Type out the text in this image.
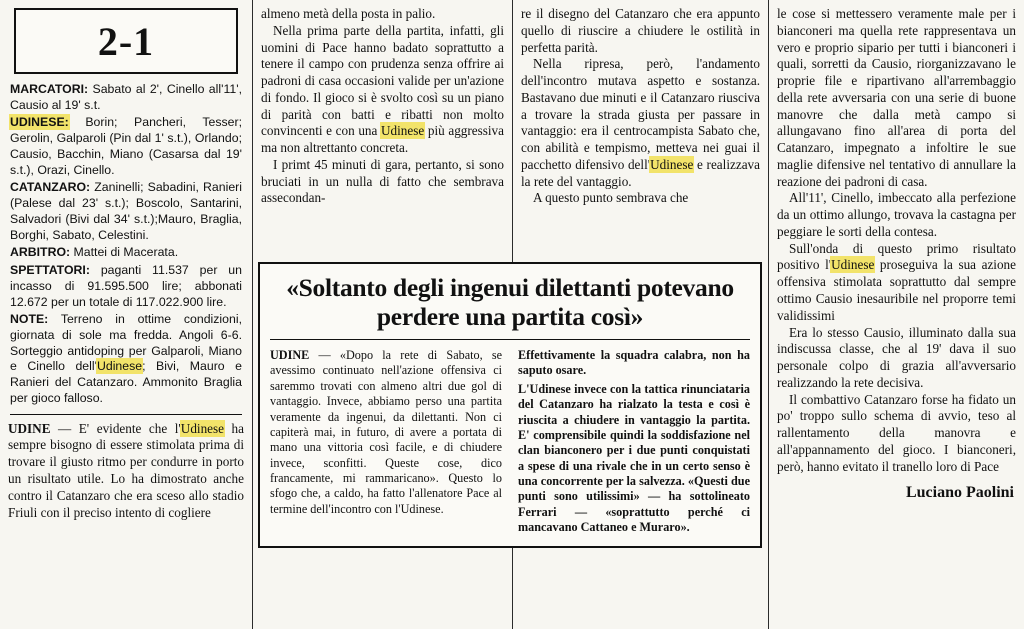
2-1

MARCATORI: Sabato al 2', Cinello all'11', Causio al 19' s.t.

UDINESE: Borin; Pancheri, Tesser; Gerolin, Galparoli (Pin dal 1' s.t.), Orlando; Causio, Bacchin, Miano (Casarsa dal 19' s.t.), Orazi, Cinello.

CATANZARO: Zaninelli; Sabadini, Ranieri (Palese dal 23' s.t.); Boscolo, Santarini, Salvadori (Bivi dal 34' s.t.);Mauro, Braglia, Borghi, Sabato, Celestini.

ARBITRO: Mattei di Macerata.

SPETTATORI: paganti 11.537 per un incasso di 91.595.500 lire; abbonati 12.672 per un totale di 117.022.900 lire.

NOTE: Terreno in ottime condizioni, giornata di sole ma fredda. Angoli 6-6. Sorteggio antidoping per Galparoli, Miano e Cinello dell'Udinese; Bivi, Mauro e Ranieri del Catanzaro. Ammonito Braglia per gioco falloso.

UDINE — E' evidente che l'Udinese ha sempre bisogno di essere stimolata prima di trovare il giusto ritmo per condurre in porto un risultato utile. Lo ha dimostrato anche contro il Catanzaro che era sceso allo stadio Friuli con il preciso intento di cogliere

almeno metà della posta in palio.

Nella prima parte della partita, infatti, gli uomini di Pace hanno badato soprattutto a tenere il campo con prudenza senza offrire ai padroni di casa occasioni valide per un'azione di fondo. Il gioco si è svolto così su un piano di parità con batti e ribatti non molto convincenti e con una Udinese più aggressiva ma non altrettanto concreta.

I primt 45 minuti di gara, pertanto, si sono bruciati in un nulla di fatto che sembrava assecondan-

re il disegno del Catanzaro che era appunto quello di riuscire a chiudere le ostilità in perfetta parità.

Nella ripresa, però, l'andamento dell'incontro mutava aspetto e sostanza. Bastavano due minuti e il Catanzaro riusciva a trovare la strada giusta per passare in vantaggio: era il centrocampista Sabato che, con abilità e tempismo, metteva nei guai il pacchetto difensivo dell'Udinese e realizzava la rete del vantaggio.

A questo punto sembrava che

le cose si mettessero veramente male per i bianconeri ma quella rete rappresentava un vero e proprio sipario per tutti i bianconeri i quali, sorretti da Causio, riorganizzavano le proprie file e ripartivano all'arrembaggio della rete avversaria con una serie di buone manovre che dalla metà campo si allungavano fino all'area di porta del Catanzaro, impegnato a infoltire le sue maglie difensive nel tentativo di annullare la reazione dei padroni di casa.

All'11', Cinello, imbeccato alla perfezione da un ottimo allungo, trovava la castagna per peggiare le sorti della contesa.

Sull'onda di questo primo risultato positivo l'Udinese proseguiva la sua azione offensiva stimolata soprattutto dal sempre ottimo Causio inesauribile nel proporre temi validissimi

Era lo stesso Causio, illuminato dalla sua indiscussa classe, che al 19' dava il suo personale colpo di grazia all'avversario realizzando la rete decisiva.

Il combattivo Catanzaro forse ha fidato un po' troppo sullo schema di avvio, teso al rallentamento della manovra e all'appannamento del gioco. I bianconeri, però, hanno evitato il tranello loro di Pace

Luciano Paolini
«Soltanto degli ingenui dilettanti potevano perdere una partita così»

UDINE — «Dopo la rete di Sabato, se avessimo continuato nell'azione offensiva ci saremmo trovati con almeno altri due gol di vantaggio. Invece, abbiamo perso una partita veramente da ingenui, da dilettanti. Non ci capiterà mai, in futuro, di avere a portata di mano una vittoria così facile, e di chiudere invece, sconfitti. Queste cose, dico francamente, mi rammaricano». Questo lo sfogo che, a caldo, ha fatto l'allenatore Pace al termine dell'incontro con l'Udinese.

Effettivamente la squadra calabra, non ha saputo osare.

L'Udinese invece con la tattica rinunciataria del Catanzaro ha rialzato la testa e così è riuscita a chiudere in vantaggio la partita. E' comprensibile quindi la soddisfazione nel clan bianconero per i due punti conquistati a spese di una rivale che in un certo senso è una concorrente per la salvezza. «Questi due punti sono utilissimi» — ha sottolineato Ferrari — «soprattutto perché ci mancavano Cattaneo e Muraro».
